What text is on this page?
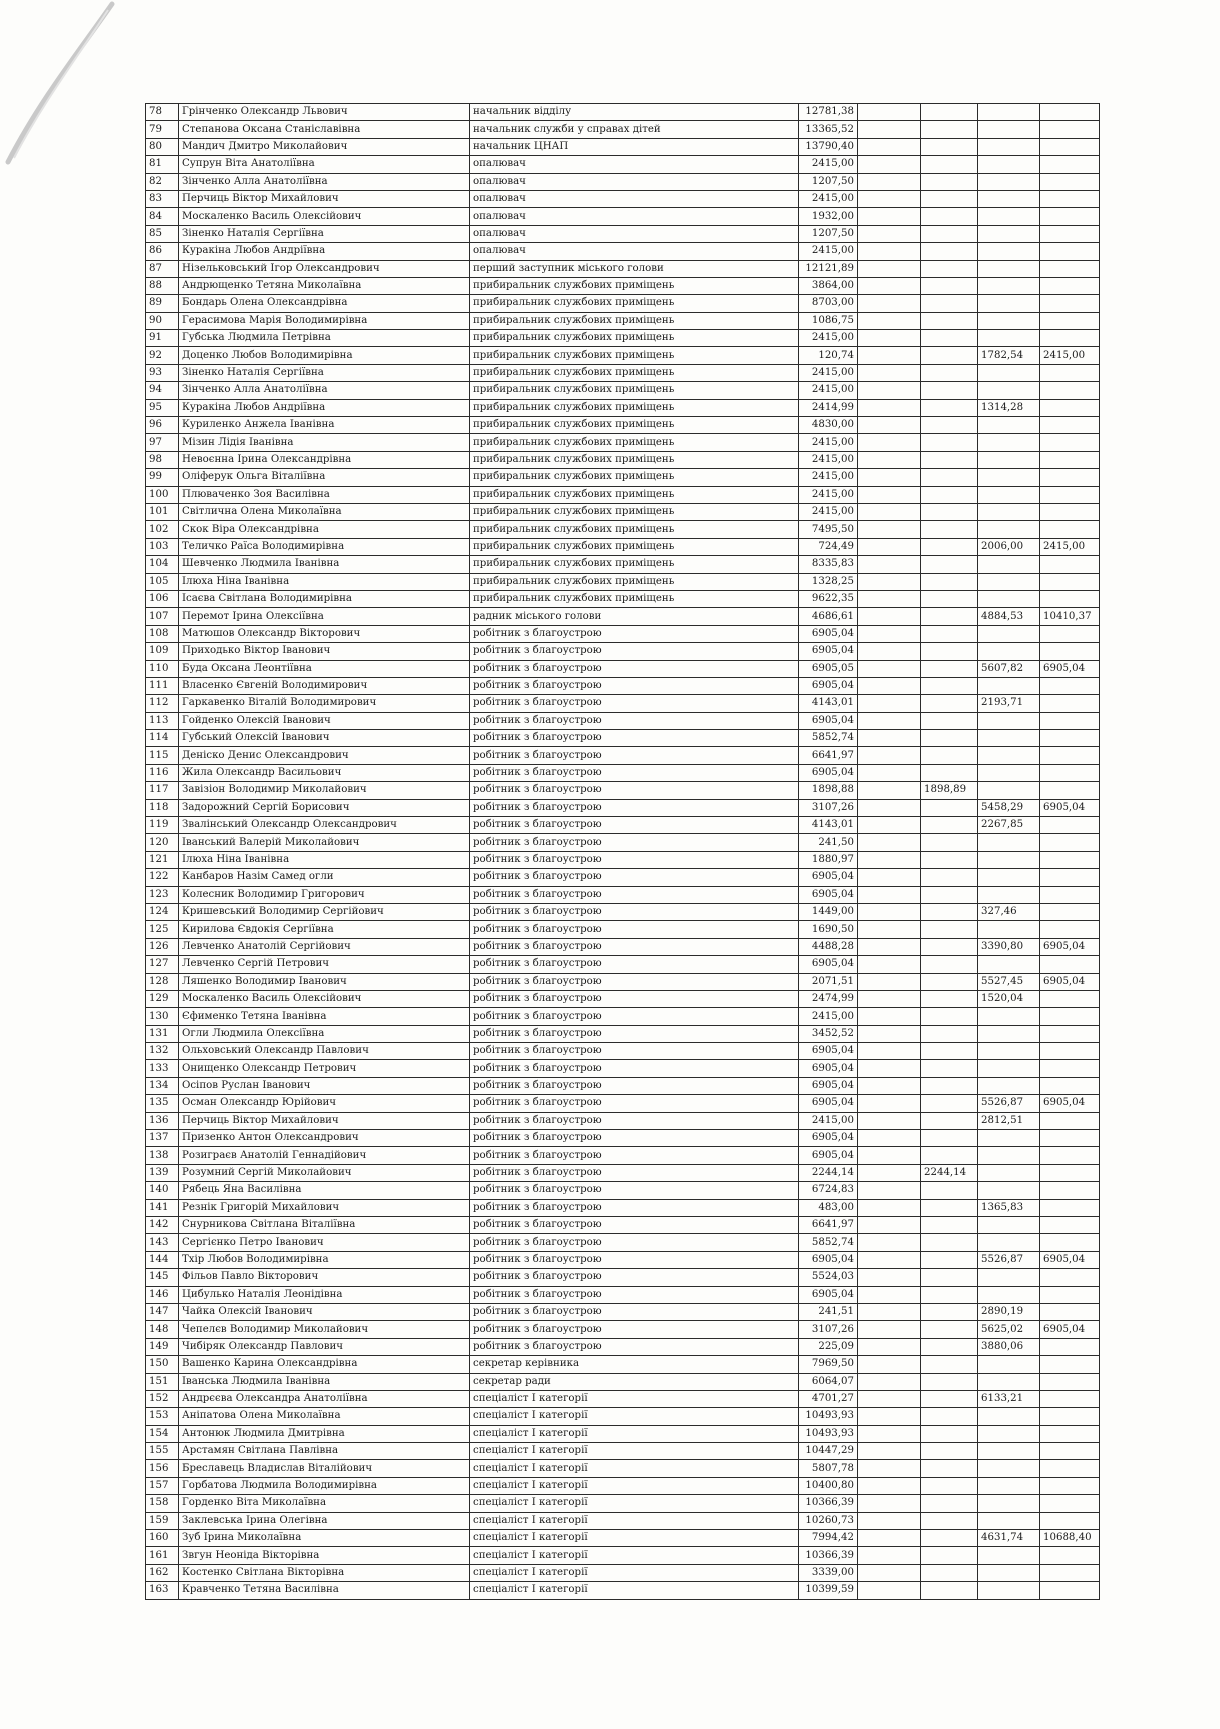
78	Грінченко Олександр Львович	начальник відділу	12781,38				
79	Степанова Оксана Станіславівна	начальник служби у справах дітей	13365,52				
80	Мандич Дмитро Миколайович	начальник ЦНАП	13790,40				
81	Супрун Віта Анатоліївна	опалювач	2415,00				
82	Зінченко Алла Анатоліївна	опалювач	1207,50				
83	Перчиць Віктор Михайлович	опалювач	2415,00				
84	Москаленко Василь Олексійович	опалювач	1932,00				
85	Зіненко Наталія Сергіївна	опалювач	1207,50				
86	Куракіна Любов Андріївна	опалювач	2415,00				
87	Нізельковський Ігор Олександрович	перший заступник міського голови	12121,89				
88	Андрющенко Тетяна Миколаївна	прибиральник службових приміщень	3864,00				
89	Бондарь Олена Олександрівна	прибиральник службових приміщень	8703,00				
90	Герасимова Марія Володимирівна	прибиральник службових приміщень	1086,75				
91	Губська Людмила Петрівна	прибиральник службових приміщень	2415,00				
92	Доценко Любов Володимирівна	прибиральник службових приміщень	120,74			1782,54	2415,00
93	Зіненко Наталія Сергіївна	прибиральник службових приміщень	2415,00				
94	Зінченко Алла Анатоліївна	прибиральник службових приміщень	2415,00				
95	Куракіна Любов Андріївна	прибиральник службових приміщень	2414,99			1314,28	
96	Куриленко Анжела Іванівна	прибиральник службових приміщень	4830,00				
97	Мізин Лідія Іванівна	прибиральник службових приміщень	2415,00				
98	Невоєнна Ірина Олександрівна	прибиральник службових приміщень	2415,00				
99	Оліферук Ольга Віталіївна	прибиральник службових приміщень	2415,00				
100	Плюваченко Зоя Василівна	прибиральник службових приміщень	2415,00				
101	Світлична Олена Миколаївна	прибиральник службових приміщень	2415,00				
102	Скок Віра Олександрівна	прибиральник службових приміщень	7495,50				
103	Теличко Раїса Володимирівна	прибиральник службових приміщень	724,49			2006,00	2415,00
104	Шевченко Людмила Іванівна	прибиральник службових приміщень	8335,83				
105	Ілюха Ніна Іванівна	прибиральник службових приміщень	1328,25				
106	Ісаєва Світлана Володимирівна	прибиральник службових приміщень	9622,35				
107	Перемот Ірина Олексіївна	радник міського голови	4686,61			4884,53	10410,37
108	Матюшов Олександр Вікторович	робітник з благоустрою	6905,04				
109	Приходько Віктор Іванович	робітник з благоустрою	6905,04				
110	Буда Оксана Леонтіївна	робітник з благоустрою	6905,05			5607,82	6905,04
111	Власенко Євгеній Володимирович	робітник з благоустрою	6905,04				
112	Гаркавенко Віталій Володимирович	робітник з благоустрою	4143,01			2193,71	
113	Гойденко Олексій Іванович	робітник з благоустрою	6905,04				
114	Губський Олексій Іванович	робітник з благоустрою	5852,74				
115	Деніско Денис Олександрович	робітник з благоустрою	6641,97				
116	Жила Олександр Васильович	робітник з благоустрою	6905,04				
117	Завізіон Володимир Миколайович	робітник з благоустрою	1898,88		1898,89		
118	Задорожний Сергій Борисович	робітник з благоустрою	3107,26			5458,29	6905,04
119	Звалінський Олександр Олександрович	робітник з благоустрою	4143,01			2267,85	
120	Іванський Валерій Миколайович	робітник з благоустрою	241,50				
121	Ілюха Ніна Іванівна	робітник з благоустрою	1880,97				
122	Канбаров Назім Самед огли	робітник з благоустрою	6905,04				
123	Колесник Володимир Григорович	робітник з благоустрою	6905,04				
124	Кришевський Володимир Сергійович	робітник з благоустрою	1449,00			327,46	
125	Кирилова Євдокія Сергіївна	робітник з благоустрою	1690,50				
126	Левченко Анатолій Сергійович	робітник з благоустрою	4488,28			3390,80	6905,04
127	Левченко Сергій Петрович	робітник з благоустрою	6905,04				
128	Ляшенко Володимир Іванович	робітник з благоустрою	2071,51			5527,45	6905,04
129	Москаленко Василь Олексійович	робітник з благоустрою	2474,99			1520,04	
130	Єфименко Тетяна Іванівна	робітник з благоустрою	2415,00				
131	Огли Людмила Олексіївна	робітник з благоустрою	3452,52				
132	Ольховський Олександр Павлович	робітник з благоустрою	6905,04				
133	Онищенко Олександр Петрович	робітник з благоустрою	6905,04				
134	Осіпов Руслан Іванович	робітник з благоустрою	6905,04				
135	Осман Олександр Юрійович	робітник з благоустрою	6905,04			5526,87	6905,04
136	Перчиць Віктор Михайлович	робітник з благоустрою	2415,00			2812,51	
137	Призенко Антон Олександрович	робітник з благоустрою	6905,04				
138	Розиграєв Анатолій Геннадійович	робітник з благоустрою	6905,04				
139	Розумний Сергій Миколайович	робітник з благоустрою	2244,14		2244,14		
140	Рябець Яна Василівна	робітник з благоустрою	6724,83				
141	Резнік Григорій Михайлович	робітник з благоустрою	483,00			1365,83	
142	Снурникова Світлана Віталіївна	робітник з благоустрою	6641,97				
143	Сергієнко Петро Іванович	робітник з благоустрою	5852,74				
144	Тхір Любов Володимирівна	робітник з благоустрою	6905,04			5526,87	6905,04
145	Фільов Павло Вікторович	робітник з благоустрою	5524,03				
146	Цибулько Наталія Леонідівна	робітник з благоустрою	6905,04				
147	Чайка Олексій Іванович	робітник з благоустрою	241,51			2890,19	
148	Чепелєв Володимир Миколайович	робітник з благоустрою	3107,26			5625,02	6905,04
149	Чибіряк Олександр Павлович	робітник з благоустрою	225,09			3880,06	
150	Вашенко Карина Олександрівна	секретар керівника	7969,50				
151	Іванська Людмила Іванівна	секретар ради	6064,07				
152	Андрєєва Олександра Анатоліївна	спеціаліст І категорії	4701,27			6133,21	
153	Аніпатова Олена Миколаївна	спеціаліст І категорії	10493,93				
154	Антонюк Людмила Дмитрівна	спеціаліст І категорії	10493,93				
155	Арстамян Світлана Павлівна	спеціаліст І категорії	10447,29				
156	Бреславець Владислав Віталійович	спеціаліст І категорії	5807,78				
157	Горбатова Людмила Володимирівна	спеціаліст І категорії	10400,80				
158	Горденко Віта Миколаївна	спеціаліст І категорії	10366,39				
159	Заклевська Ірина Олегівна	спеціаліст І категорії	10260,73				
160	Зуб Ірина Миколаївна	спеціаліст І категорії	7994,42			4631,74	10688,40
161	Звгун Неоніда Вікторівна	спеціаліст І категорії	10366,39				
162	Костенко Світлана Вікторівна	спеціаліст І категорії	3339,00				
163	Кравченко Тетяна Василівна	спеціаліст І категорії	10399,59				
